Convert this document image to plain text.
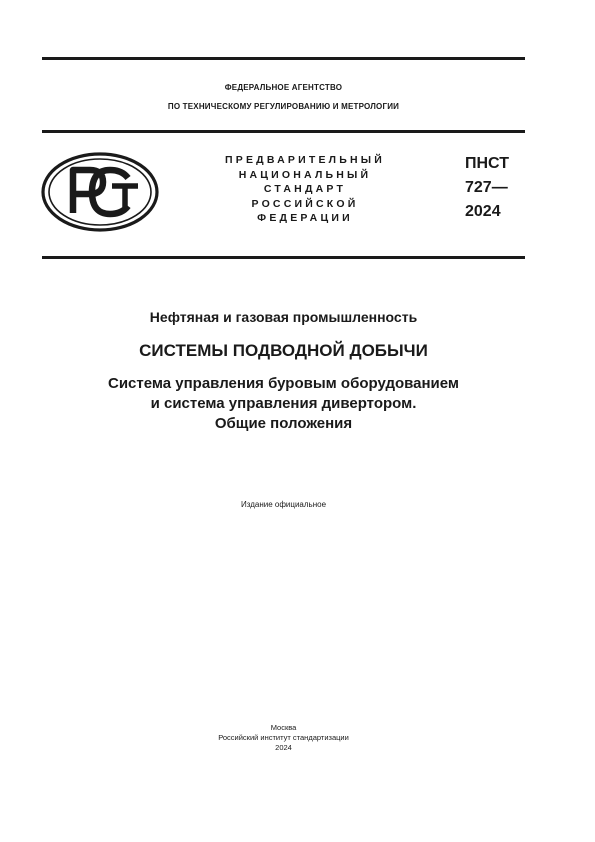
ФЕДЕРАЛЬНОЕ АГЕНТСТВО
ПО ТЕХНИЧЕСКОМУ РЕГУЛИРОВАНИЮ И МЕТРОЛОГИИ
ПРЕДВАРИТЕЛЬНЫЙ
НАЦИОНАЛЬНЫЙ
СТАНДАРТ
РОССИЙСКОЙ
ФЕДЕРАЦИИ
ПНСТ
727—
2024
Нефтяная и газовая промышленность
СИСТЕМЫ ПОДВОДНОЙ ДОБЫЧИ
Система управления буровым оборудованием
и система управления дивертором.
Общие положения
Издание официальное
Москва
Российский институт стандартизации
2024
